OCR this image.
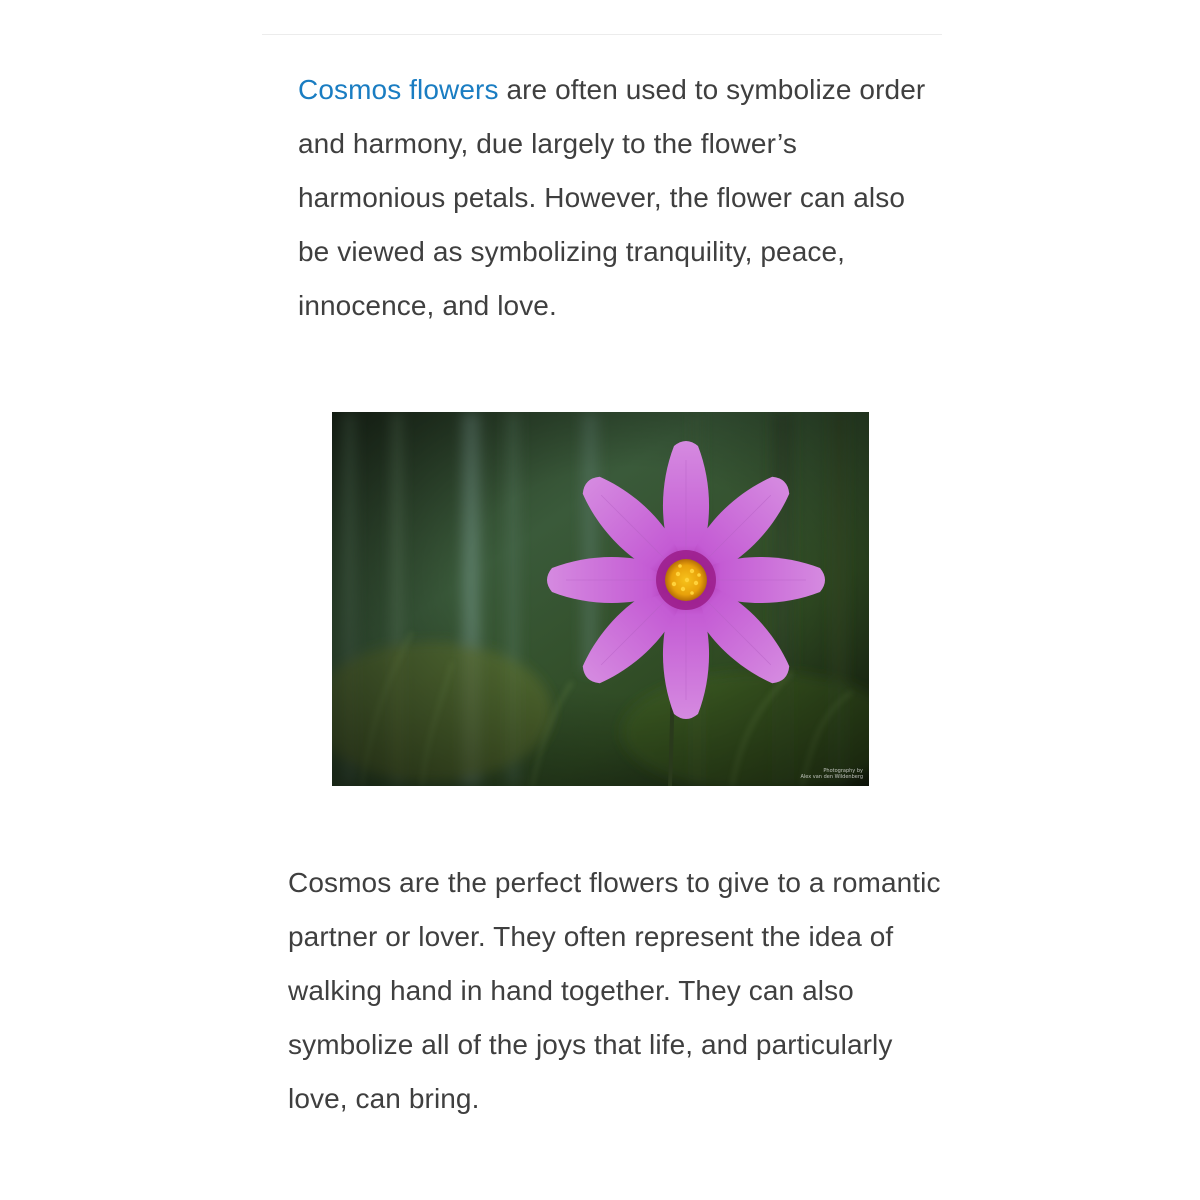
Cosmos flowers are often used to symbolize order and harmony, due largely to the flower’s harmonious petals. However, the flower can also be viewed as symbolizing tranquility, peace, innocence, and love.

Photography by
Alex van den Wildenberg

Cosmos are the perfect flowers to give to a romantic partner or lover. They often represent the idea of walking hand in hand together. They can also symbolize all of the joys that life, and particularly love, can bring.
